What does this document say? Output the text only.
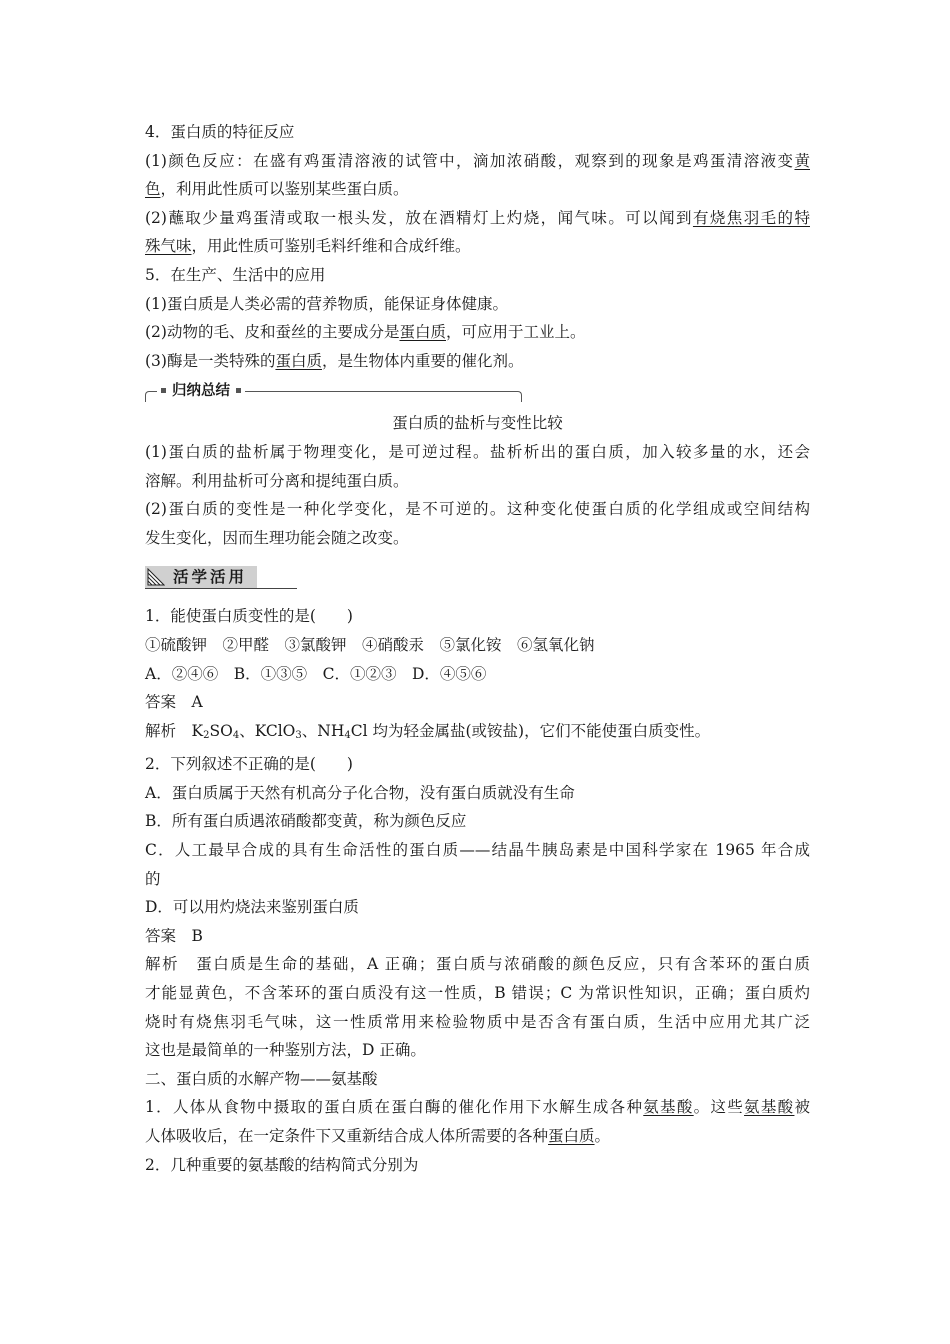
4．蛋白质的特征反应
(1)颜色反应：在盛有鸡蛋清溶液的试管中，滴加浓硝酸，观察到的现象是鸡蛋清溶液变黄
色，利用此性质可以鉴别某些蛋白质。
(2)蘸取少量鸡蛋清或取一根头发，放在酒精灯上灼烧，闻气味。可以闻到有烧焦羽毛的特
殊气味，用此性质可鉴别毛料纤维和合成纤维。
5．在生产、生活中的应用
(1)蛋白质是人类必需的营养物质，能保证身体健康。
(2)动物的毛、皮和蚕丝的主要成分是蛋白质，可应用于工业上。
(3)酶是一类特殊的蛋白质，是生物体内重要的催化剂。
归纳总结
蛋白质的盐析与变性比较
(1)蛋白质的盐析属于物理变化，是可逆过程。盐析析出的蛋白质，加入较多量的水，还会
溶解。利用盐析可分离和提纯蛋白质。
(2)蛋白质的变性是一种化学变化，是不可逆的。这种变化使蛋白质的化学组成或空间结构
发生变化，因而生理功能会随之改变。
活学活用
1．能使蛋白质变性的是(　　)
①硫酸钾　②甲醛　③氯酸钾　④硝酸汞　⑤氯化铵　⑥氢氧化钠
A．②④⑥　B．①③⑤　C．①②③　D．④⑤⑥
答案　A
解析　$K_2SO_4$、KClO$_3$、$NH_4Cl$ 均为轻金属盐(或铵盐)，它们不能使蛋白质变性。
2．下列叙述不正确的是(　　)
A．蛋白质属于天然有机高分子化合物，没有蛋白质就没有生命
B．所有蛋白质遇浓硝酸都变黄，称为颜色反应
C．人工最早合成的具有生命活性的蛋白质——结晶牛胰岛素是中国科学家在 1965 年合成
的
D．可以用灼烧法来鉴别蛋白质
答案　B
解析　蛋白质是生命的基础，A 正确；蛋白质与浓硝酸的颜色反应，只有含苯环的蛋白质
才能显黄色，不含苯环的蛋白质没有这一性质，B 错误；C 为常识性知识，正确；蛋白质灼
烧时有烧焦羽毛气味，这一性质常用来检验物质中是否含有蛋白质，生活中应用尤其广泛
这也是最简单的一种鉴别方法，D 正确。
二、蛋白质的水解产物——氨基酸
1．人体从食物中摄取的蛋白质在蛋白酶的催化作用下水解生成各种氨基酸。这些氨基酸被
人体吸收后，在一定条件下又重新结合成人体所需要的各种蛋白质。
2．几种重要的氨基酸的结构简式分别为
